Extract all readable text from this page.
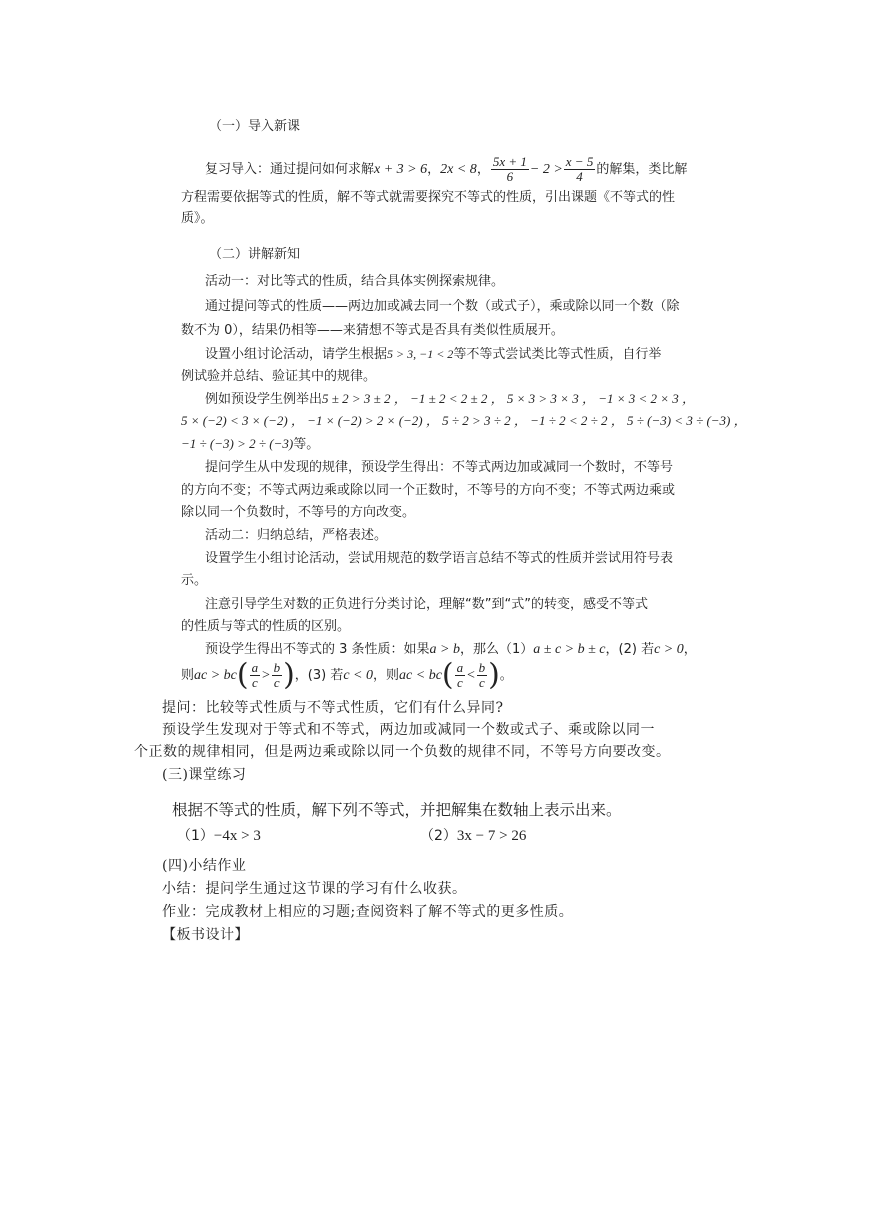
（一）导入新课
复习导入：通过提问如何求解x + 3 > 6，2x < 8， $\frac{5x + 1}{6} - 2 > \frac{x - 5}{4}$ 的解集，类比解
方程需要依据等式的性质，解不等式就需要探究不等式的性质，引出课题《不等式的性
质》。
（二）讲解新知
活动一：对比等式的性质，结合具体实例探索规律。
通过提问等式的性质——两边加或减去同一个数（或式子），乘或除以同一个数（除
数不为 0），结果仍相等——来猜想不等式是否具有类似性质展开。
设置小组讨论活动，请学生根据5 > 3, −1 < 2等不等式尝试类比等式性质，自行举
例试验并总结、验证其中的规律。
例如预设学生例举出5 ± 2 > 3 ± 2 ， −1 ± 2 < 2 ± 2 ， 5 × 3 > 3 × 3 ， −1 × 3 < 2 × 3 ，
5 × (−2) < 3 × (−2) ， −1 × (−2) > 2 × (−2) ， 5 ÷ 2 > 3 ÷ 2 ， −1 ÷ 2 < 2 ÷ 2 ， 5 ÷ (−3) < 3 ÷ (−3) ，
−1 ÷ (−3) > 2 ÷ (−3)等。
提问学生从中发现的规律，预设学生得出：不等式两边加或减同一个数时，不等号
的方向不变；不等式两边乘或除以同一个正数时，不等号的方向不变；不等式两边乘或
除以同一个负数时，不等号的方向改变。
活动二：归纳总结，严格表述。
设置学生小组讨论活动，尝试用规范的数学语言总结不等式的性质并尝试用符号表
示。
注意引导学生对数的正负进行分类讨论，理解“数”到“式”的转变，感受不等式
的性质与等式的性质的区别。
预设学生得出不等式的 3 条性质：如果a > b，那么（1）a ± c > b ± c，(2) 若c > 0，
则ac > $bc( \frac{a}{c} > \frac{b}{c}$ )，(3) 若c < 0，则ac < $bc( \frac{a}{c} < \frac{b}{c}$ )。
提问：比较等式性质与不等式性质，它们有什么异同?
预设学生发现对于等式和不等式，两边加或减同一个数或式子、乘或除以同一
个正数的规律相同，但是两边乘或除以同一个负数的规律不同，不等号方向要改变。
(三)课堂练习
根据不等式的性质，解下列不等式，并把解集在数轴上表示出来。
（1）−4x > 3	（2）3x − 7 > 26
(四)小结作业
小结：提问学生通过这节课的学习有什么收获。
作业：完成教材上相应的习题;查阅资料了解不等式的更多性质。
【板书设计】
